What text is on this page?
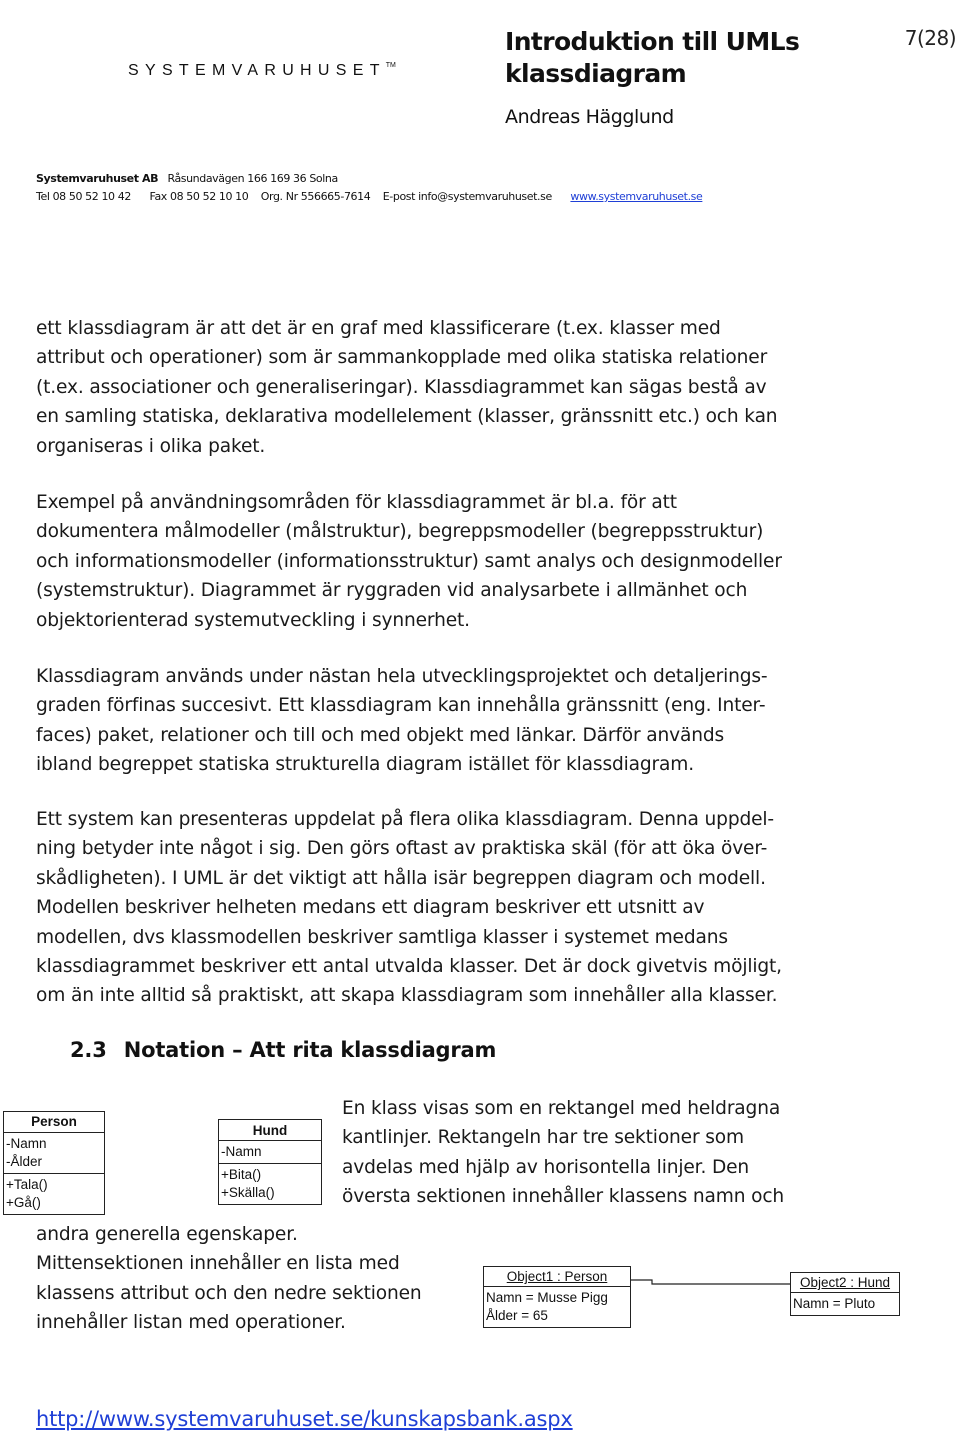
SYSTEMVARUHUSET™
Introduktion till UMLs
klassdiagram
7(28)
Andreas Hägglund
Systemvaruhuset AB Råsundavägen 166 169 36 Solna
Tel 08 50 52 10 42 Fax 08 50 52 10 10 Org. Nr 556665-7614 E-post info@systemvaruhuset.se www.systemvaruhuset.se
ett klassdiagram är att det är en graf med klassificerare (t.ex. klasser med
attribut och operationer) som är sammankopplade med olika statiska relationer
(t.ex. associationer och generaliseringar). Klassdiagrammet kan sägas bestå av
en samling statiska, deklarativa modellelement (klasser, gränssnitt etc.) och kan
organiseras i olika paket.
Exempel på användningsområden för klassdiagrammet är bl.a. för att
dokumentera målmodeller (målstruktur), begreppsmodeller (begreppsstruktur)
och informationsmodeller (informationsstruktur) samt analys och designmodeller
(systemstruktur). Diagrammet är ryggraden vid analysarbete i allmänhet och
objektorienterad systemutveckling i synnerhet.
Klassdiagram används under nästan hela utvecklingsprojektet och detaljerings-
graden förfinas succesivt. Ett klassdiagram kan innehålla gränssnitt (eng. Inter-
faces) paket, relationer och till och med objekt med länkar. Därför används
ibland begreppet statiska strukturella diagram istället för klassdiagram.
Ett system kan presenteras uppdelat på flera olika klassdiagram. Denna uppdel-
ning betyder inte något i sig. Den görs oftast av praktiska skäl (för att öka över-
skådligheten). I UML är det viktigt att hålla isär begreppen diagram och modell.
Modellen beskriver helheten medans ett diagram beskriver ett utsnitt av
modellen, dvs klassmodellen beskriver samtliga klasser i systemet medans
klassdiagrammet beskriver ett antal utvalda klasser. Det är dock givetvis möjligt,
om än inte alltid så praktiskt, att skapa klassdiagram som innehåller alla klasser.
2.3 Notation – Att rita klassdiagram
En klass visas som en rektangel med heldragna
kantlinjer. Rektangeln har tre sektioner som
avdelas med hjälp av horisontella linjer. Den
översta sektionen innehåller klassens namn och
andra generella egenskaper.
Mittensektionen innehåller en lista med
klassens attribut och den nedre sektionen
innehåller listan med operationer.
Person
-Namn
-Ålder
+Tala()
+Gå()
Hund
-Namn
+Bita()
+Skälla()
Object1 : Person
Namn = Musse Pigg
Ålder = 65
Object2 : Hund
Namn = Pluto
http://www.systemvaruhuset.se/kunskapsbank.aspx
